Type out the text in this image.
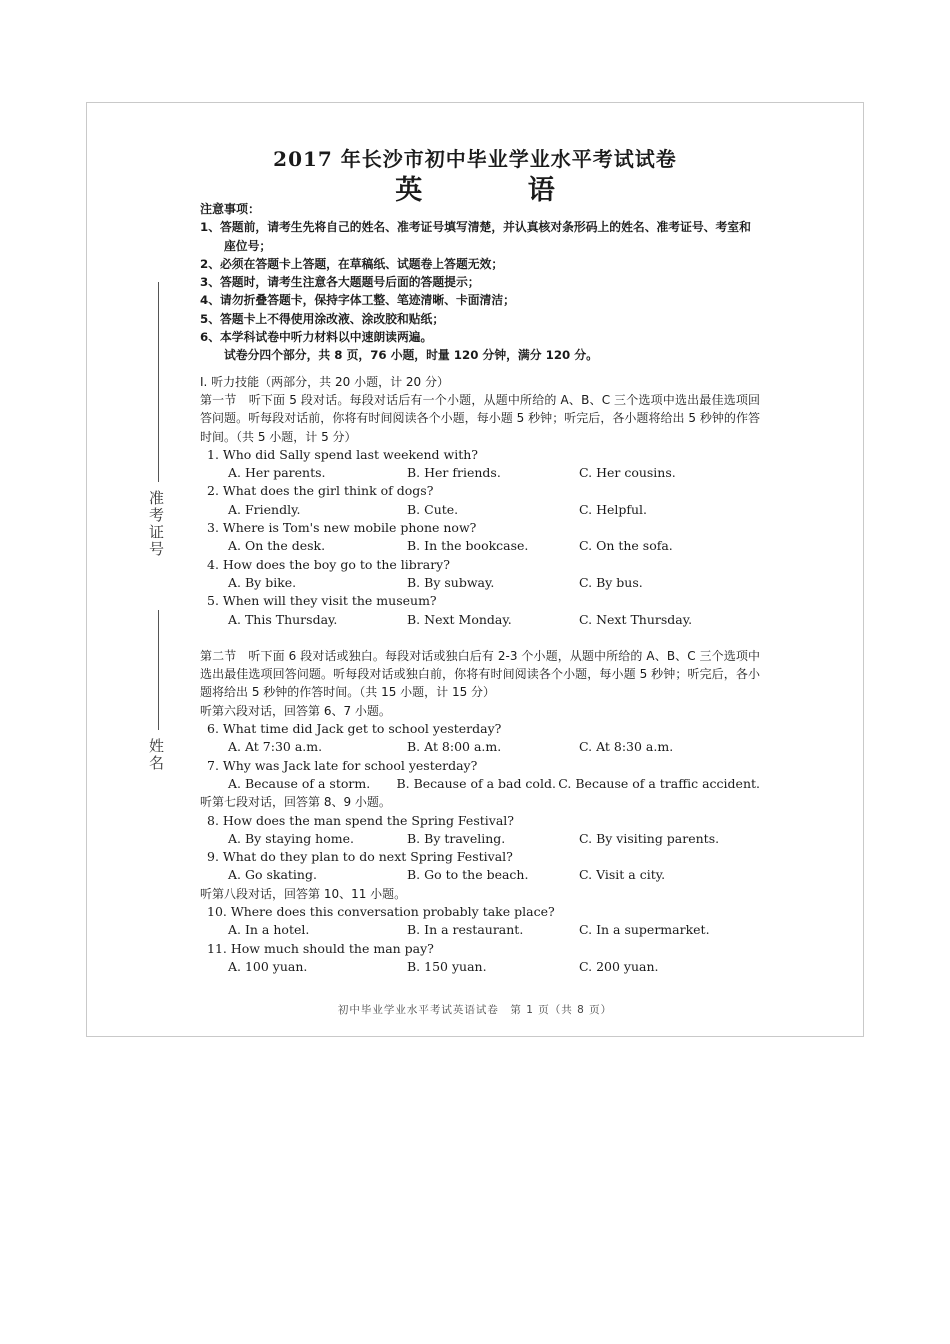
准考证号
姓名
2017 年长沙市初中毕业学业水平考试试卷
英 语
注意事项：
1、答题前，请考生先将自己的姓名、准考证号填写清楚，并认真核对条形码上的姓名、准考证号、考室和座位号；
2、必须在答题卡上答题，在草稿纸、试题卷上答题无效；
3、答题时，请考生注意各大题题号后面的答题提示；
4、请勿折叠答题卡，保持字体工整、笔迹清晰、卡面清洁；
5、答题卡上不得使用涂改液、涂改胶和贴纸；
6、本学科试卷中听力材料以中速朗读两遍。
试卷分四个部分，共 8 页，76 小题，时量 120 分钟，满分 120 分。
I. 听力技能（两部分，共 20 小题，计 20 分）
第一节　听下面 5 段对话。每段对话后有一个小题，从题中所给的 A、B、C 三个选项中选出最佳选项回答问题。听每段对话前，你将有时间阅读各个小题，每小题 5 秒钟；听完后，各小题将给出 5 秒钟的作答时间。（共 5 小题，计 5 分）
1. Who did Sally spend last weekend with?
A. Her parents.	B. Her friends.	C. Her cousins.
2. What does the girl think of dogs?
A. Friendly.	B. Cute.	C. Helpful.
3. Where is Tom's new mobile phone now?
A. On the desk.	B. In the bookcase.	C. On the sofa.
4. How does the boy go to the library?
A. By bike.	B. By subway.	C. By bus.
5. When will they visit the museum?
A. This Thursday.	B. Next Monday.	C. Next Thursday.
第二节　听下面 6 段对话或独白。每段对话或独白后有 2-3 个小题，从题中所给的 A、B、C 三个选项中选出最佳选项回答问题。听每段对话或独白前，你将有时间阅读各个小题，每小题 5 秒钟；听完后，各小题将给出 5 秒钟的作答时间。（共 15 小题，计 15 分）
听第六段对话，回答第 6、7 小题。
6. What time did Jack get to school yesterday?
A. At 7:30 a.m.	B. At 8:00 a.m.	C. At 8:30 a.m.
7. Why was Jack late for school yesterday?
A. Because of a storm.	B. Because of a bad cold. C. Because of a traffic accident.
听第七段对话，回答第 8、9 小题。
8. How does the man spend the Spring Festival?
A. By staying home.	B. By traveling.	C. By visiting parents.
9. What do they plan to do next Spring Festival?
A. Go skating.	B. Go to the beach.	C. Visit a city.
听第八段对话，回答第 10、11 小题。
10. Where does this conversation probably take place?
A. In a hotel.	B. In a restaurant.	C. In a supermarket.
11. How much should the man pay?
A. 100 yuan.	B. 150 yuan.	C. 200 yuan.
初中毕业学业水平考试英语试卷　第 1 页（共 8 页）
